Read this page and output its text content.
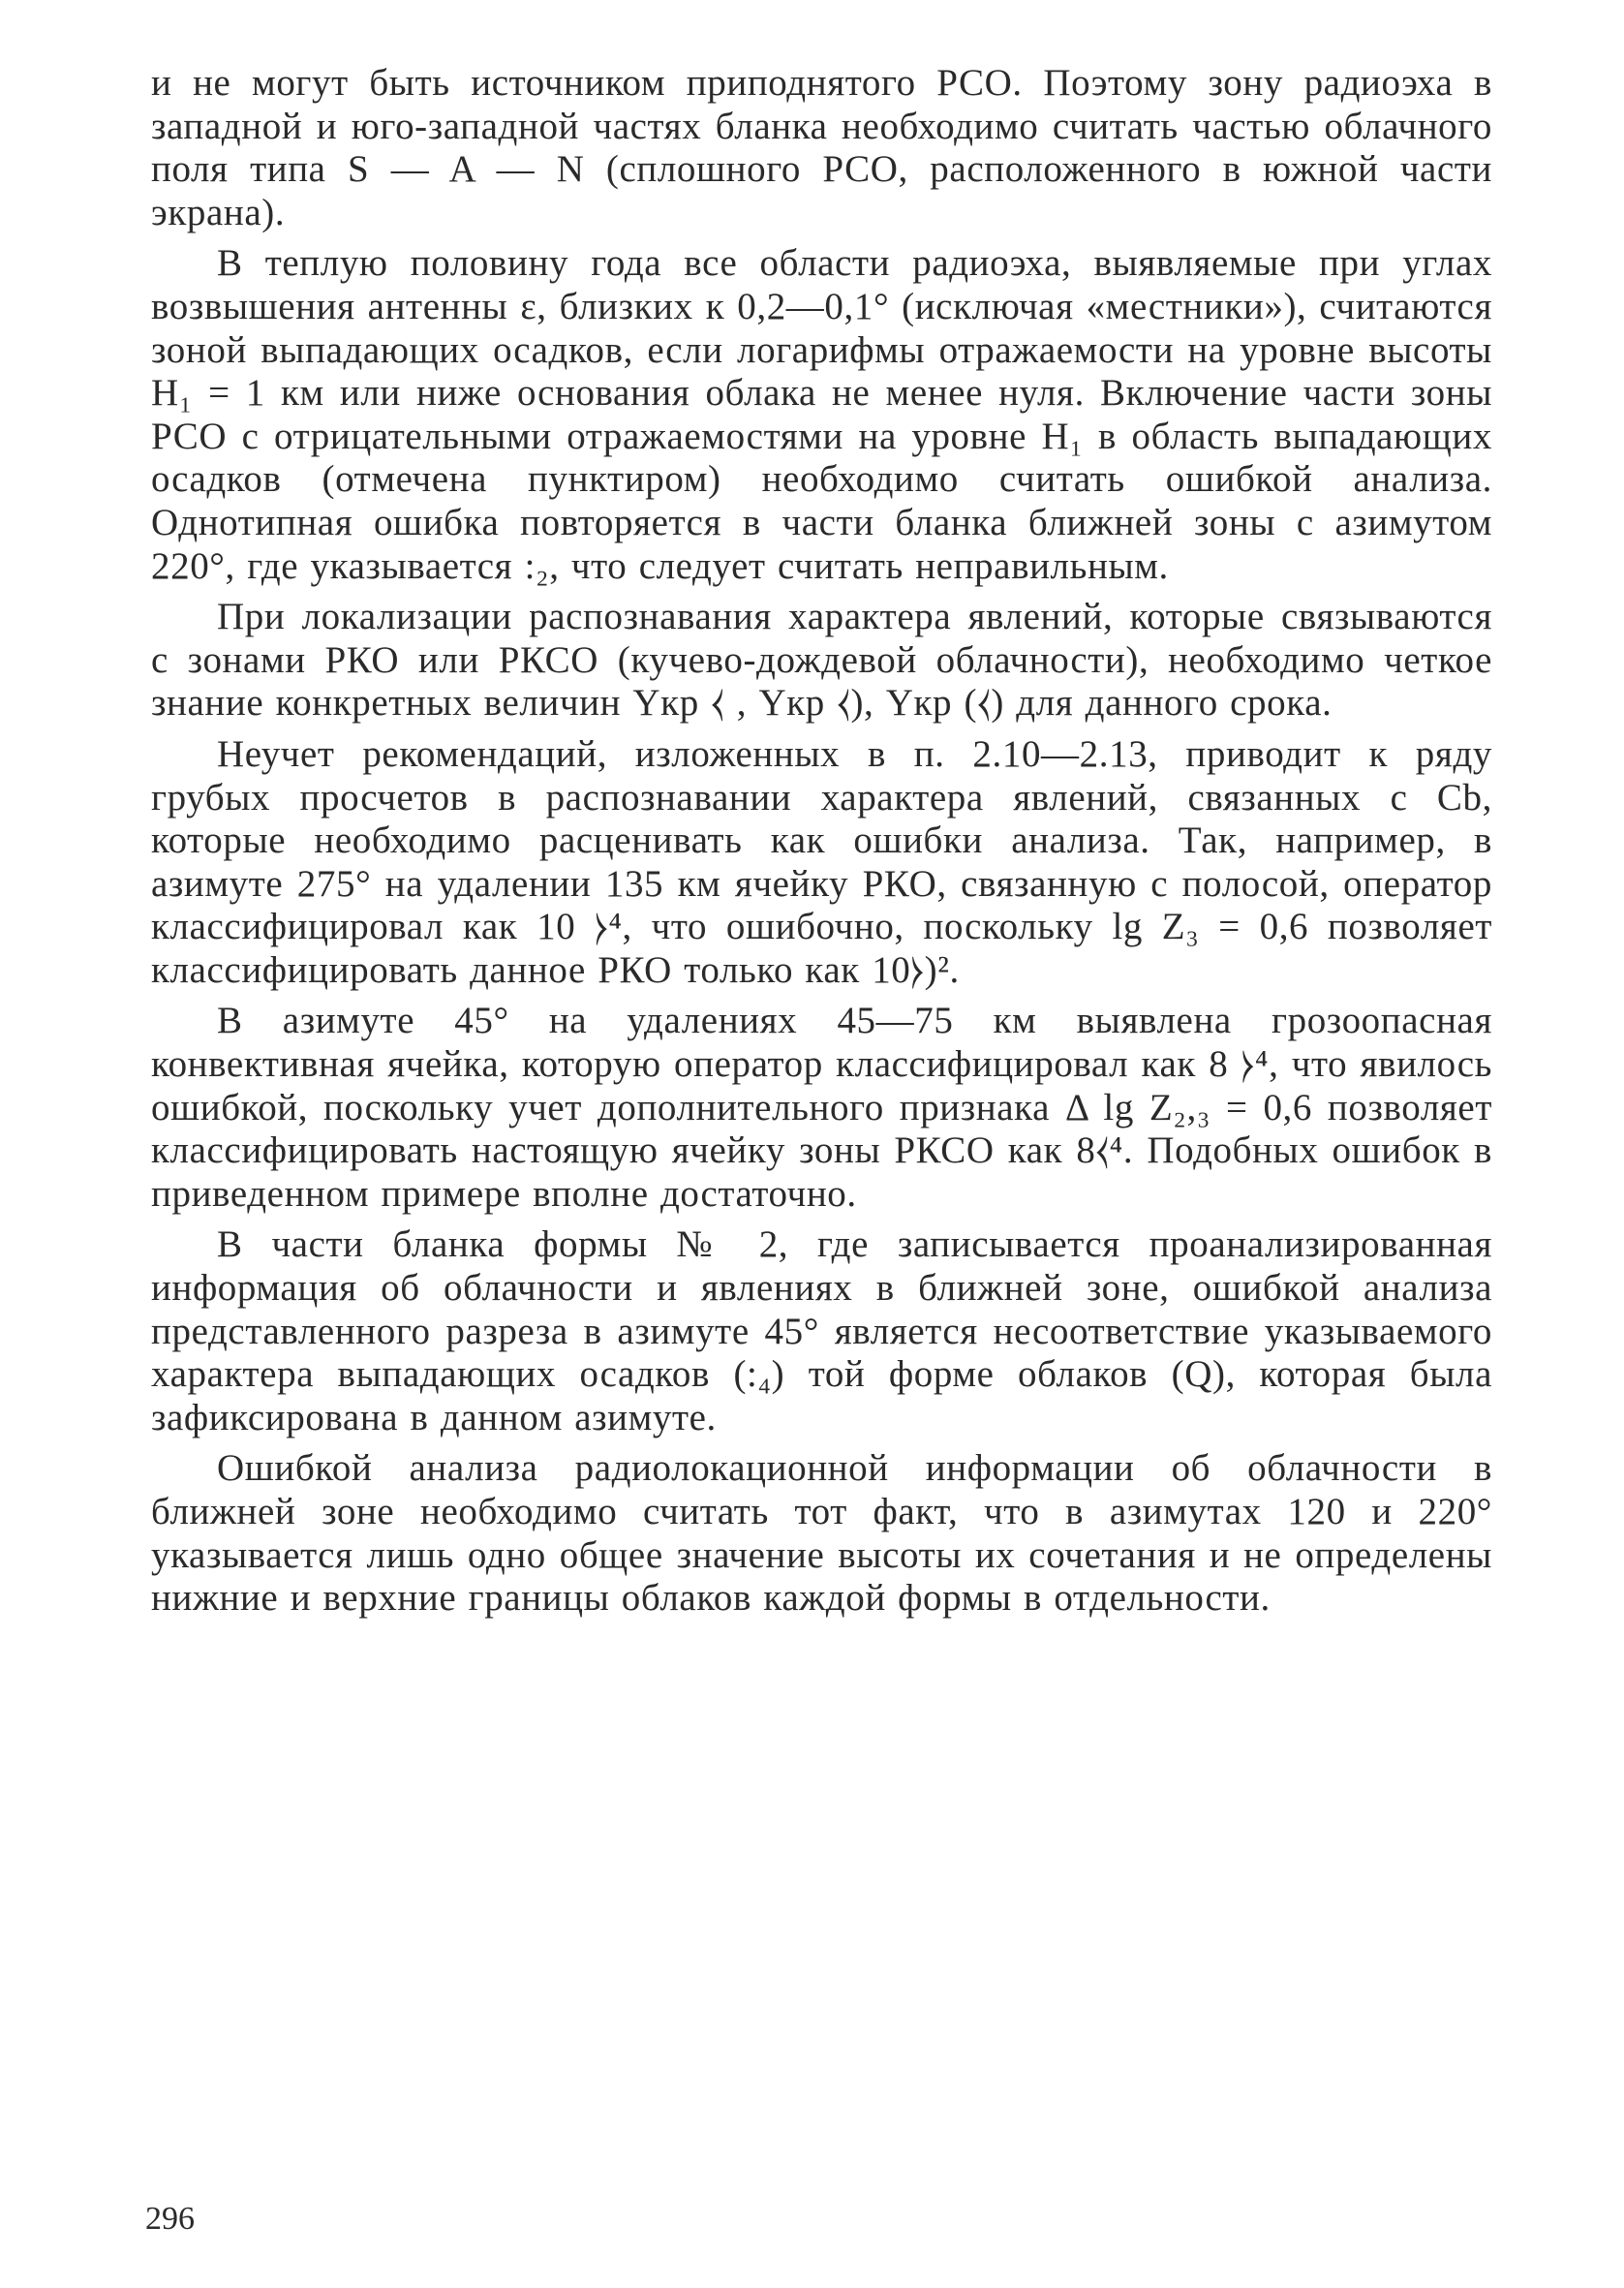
и не могут быть источником приподнятого РСО. Поэтому зону радиоэха в западной и юго-западной частях бланка необходимо считать частью облачного поля типа S — A — N (сплошного РСО, расположенного в южной части экрана).

В теплую половину года все области радиоэха, выявляемые при углах возвышения антенны ε, близких к 0,2—0,1° (исключая «местники»), считаются зоной выпадающих осадков, если логарифмы отражаемости на уровне высоты H₁ = 1 км или ниже основания облака не менее нуля. Включение части зоны РСО с отрицательными отражаемостями на уровне H₁ в область выпадающих осадков (отмечена пунктиром) необходимо считать ошибкой анализа. Однотипная ошибка повторяется в части бланка ближней зоны с азимутом 220°, где указывается :₂, что следует считать неправильным.

При локализации распознавания характера явлений, которые связываются с зонами РКО или РКСО (кучево-дождевой облачности), необходимо четкое знание конкретных величин Yкр ⧼ , Yкр ⧼), Yкр (⧼) для данного срока.

Неучет рекомендаций, изложенных в п. 2.10—2.13, приводит к ряду грубых просчетов в распознавании характера явлений, связанных с Cb, которые необходимо расценивать как ошибки анализа. Так, например, в азимуте 275° на удалении 135 км ячейку РКО, связанную с полосой, оператор классифицировал как 10 ⧽⁴, что ошибочно, поскольку lg Z₃ = 0,6 позволяет классифицировать данное РКО только как 10⧽)².

В азимуте 45° на удалениях 45—75 км выявлена грозоопасная конвективная ячейка, которую оператор классифицировал как 8 ⧽⁴, что явилось ошибкой, поскольку учет дополнительного признака Δ lg Z₂,₃ = 0,6 позволяет классифицировать настоящую ячейку зоны РКСО как 8⧼⁴. Подобных ошибок в приведенном примере вполне достаточно.

В части бланка формы № 2, где записывается проанализированная информация об облачности и явлениях в ближней зоне, ошибкой анализа представленного разреза в азимуте 45° является несоответствие указываемого характера выпадающих осадков (:₄) той форме облаков (Q), которая была зафиксирована в данном азимуте.

Ошибкой анализа радиолокационной информации об облачности в ближней зоне необходимо считать тот факт, что в азимутах 120 и 220° указывается лишь одно общее значение высоты их сочетания и не определены нижние и верхние границы облаков каждой формы в отдельности.

296
